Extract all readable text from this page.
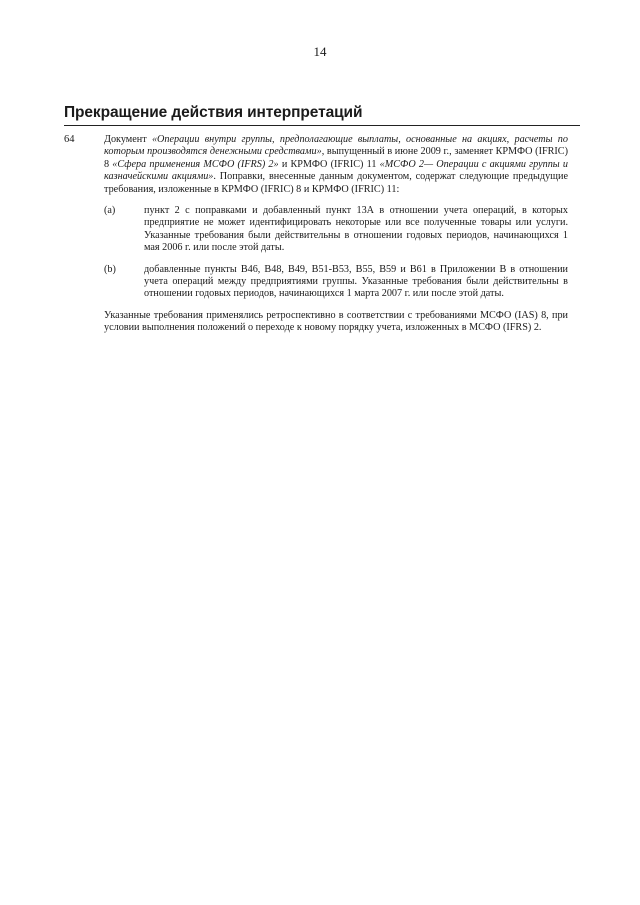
14
Прекращение действия интерпретаций
64	Документ «Операции внутри группы, предполагающие выплаты, основанные на акциях, расчеты по которым производятся денежными средствами», выпущенный в июне 2009 г., заменяет КРМФО (IFRIC) 8 «Сфера применения МСФО (IFRS) 2» и КРМФО (IFRIC) 11 «МСФО 2— Операции с акциями группы и казначейскими акциями». Поправки, внесенные данным документом, содержат следующие предыдущие требования, изложенные в КРМФО (IFRIC) 8 и КРМФО (IFRIC) 11:

(a)	пункт 2 с поправками и добавленный пункт 13А в отношении учета операций, в которых предприятие не может идентифицировать некоторые или все полученные товары или услуги. Указанные требования были действительны в отношении годовых периодов, начинающихся 1 мая 2006 г. или после этой даты.
(b)	добавленные пункты В46, В48, В49, В51-В53, В55, В59 и В61 в Приложении В в отношении учета операций между предприятиями группы. Указанные требования были действительны в отношении годовых периодов, начинающихся 1 марта 2007 г. или после этой даты.

Указанные требования применялись ретроспективно в соответствии с требованиями МСФО (IAS) 8, при условии выполнения положений о переходе к новому порядку учета, изложенных в МСФО (IFRS) 2.
